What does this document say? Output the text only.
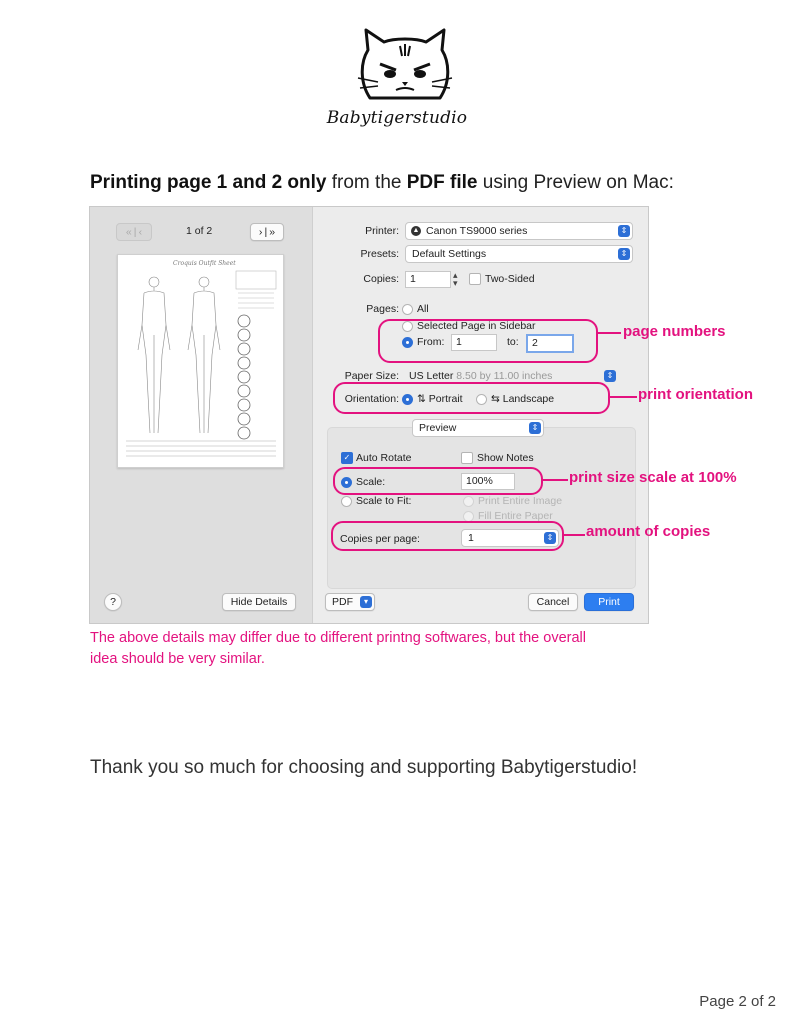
Babytigerstudio
Printing page 1 and 2 only from the PDF file using Preview on Mac:
« | ‹	1 of 2	› | »
Croquis Outfit Sheet
?	Hide Details
Printer: ▲ Canon TS9000 series	⇕
Presets:	Default Settings	⇕
Copies:	1	▴
▾	Two-Sided
Pages: All
Selected Page in Sidebar
From:	1	to:	2
Paper Size: US Letter 8.50 by 11.00 inches	⇕
Orientation: ⇅ Portrait	⇆ Landscape
Preview	⇕
✓ Auto Rotate	Show Notes
Scale:	100%
Scale to Fit:	Print Entire Image
Fill Entire Paper
Copies per page:	1	⇕
PDF	▾	Cancel	Print
page numbers
print orientation
print size scale at 100%
amount of copies
The above details may differ due to different printng softwares, but the overall
idea should be very similar.
Thank you so much for choosing and supporting Babytigerstudio!
Page 2 of 2
